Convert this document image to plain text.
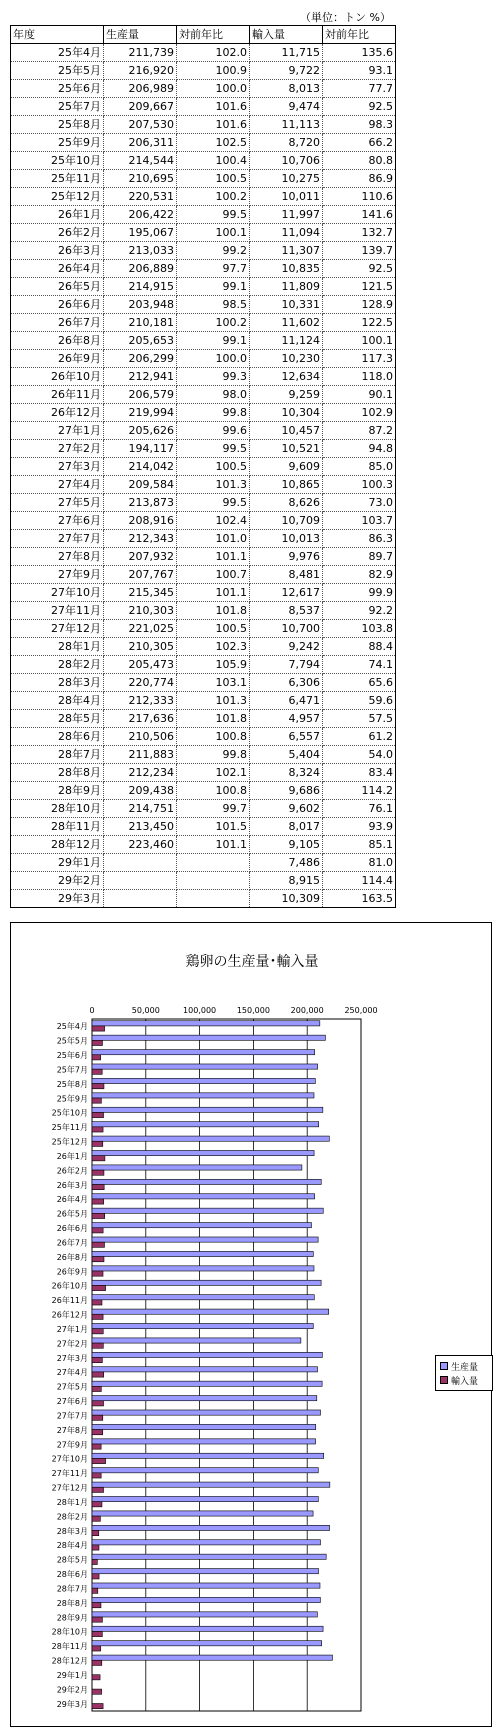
（単位：トン %）
年度	生産量	対前年比	輸入量	対前年比
25年4月	211,739	102.0	11,715	135.6
25年5月	216,920	100.9	9,722	93.1
25年6月	206,989	100.0	8,013	77.7
25年7月	209,667	101.6	9,474	92.5
25年8月	207,530	101.6	11,113	98.3
25年9月	206,311	102.5	8,720	66.2
25年10月	214,544	100.4	10,706	80.8
25年11月	210,695	100.5	10,275	86.9
25年12月	220,531	100.2	10,011	110.6
26年1月	206,422	99.5	11,997	141.6
26年2月	195,067	100.1	11,094	132.7
26年3月	213,033	99.2	11,307	139.7
26年4月	206,889	97.7	10,835	92.5
26年5月	214,915	99.1	11,809	121.5
26年6月	203,948	98.5	10,331	128.9
26年7月	210,181	100.2	11,602	122.5
26年8月	205,653	99.1	11,124	100.1
26年9月	206,299	100.0	10,230	117.3
26年10月	212,941	99.3	12,634	118.0
26年11月	206,579	98.0	9,259	90.1
26年12月	219,994	99.8	10,304	102.9
27年1月	205,626	99.6	10,457	87.2
27年2月	194,117	99.5	10,521	94.8
27年3月	214,042	100.5	9,609	85.0
27年4月	209,584	101.3	10,865	100.3
27年5月	213,873	99.5	8,626	73.0
27年6月	208,916	102.4	10,709	103.7
27年7月	212,343	101.0	10,013	86.3
27年8月	207,932	101.1	9,976	89.7
27年9月	207,767	100.7	8,481	82.9
27年10月	215,345	101.1	12,617	99.9
27年11月	210,303	101.8	8,537	92.2
27年12月	221,025	100.5	10,700	103.8
28年1月	210,305	102.3	9,242	88.4
28年2月	205,473	105.9	7,794	74.1
28年3月	220,774	103.1	6,306	65.6
28年4月	212,333	101.3	6,471	59.6
28年5月	217,636	101.8	4,957	57.5
28年6月	210,506	100.8	6,557	61.2
28年7月	211,883	99.8	5,404	54.0
28年8月	212,234	102.1	8,324	83.4
28年9月	209,438	100.8	9,686	114.2
28年10月	214,751	99.7	9,602	76.1
28年11月	213,450	101.5	8,017	93.9
28年12月	223,460	101.1	9,105	85.1
29年1月			7,486	81.0
29年2月			8,915	114.4
29年3月			10,309	163.5
鶏卵の生産量･輸入量
0	50,000	100,000	150,000	200,000	250,000
25年4月
25年5月
25年6月
25年7月
25年8月
25年9月
25年10月
25年11月
25年12月
26年1月
26年2月
26年3月
26年4月
26年5月
26年6月
26年7月
26年8月
26年9月
26年10月
26年11月
26年12月
27年1月
27年2月
27年3月
27年4月
27年5月
27年6月
27年7月
27年8月
27年9月
27年10月
27年11月
27年12月
28年1月
28年2月
28年3月
28年4月
28年5月
28年6月
28年7月
28年8月
28年9月
28年10月
28年11月
28年12月
29年1月
29年2月
29年3月
生産量
輸入量
